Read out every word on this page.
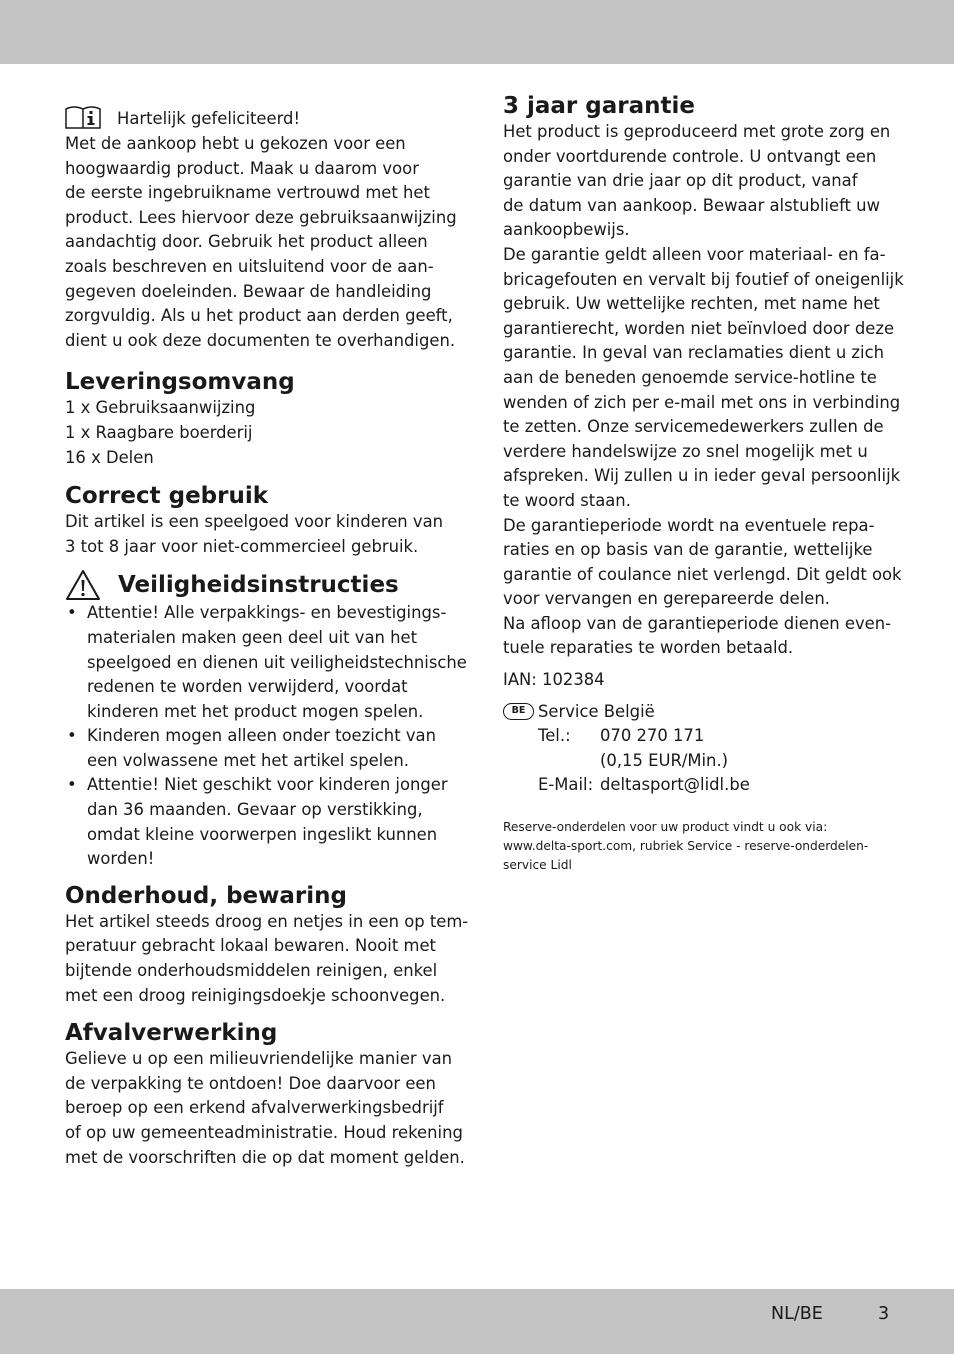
Hartelijk gefeliciteerd!

Met de aankoop hebt u gekozen voor een

hoogwaardig product. Maak u daarom voor

de eerste ingebruikname vertrouwd met het

product. Lees hiervoor deze gebruiksaanwijzing

aandachtig door. Gebruik het product alleen

zoals beschreven en uitsluitend voor de aan-

gegeven doeleinden. Bewaar de handleiding

zorgvuldig. Als u het product aan derden geeft,

dient u ook deze documenten te overhandigen.

Leveringsomvang

1 x Gebruiksaanwijzing

1 x Raagbare boerderij

16 x Delen

Correct gebruik

Dit artikel is een speelgoed voor kinderen van

3 tot 8 jaar voor niet-commercieel gebruik.

Veiligheidsinstructies
• Attentie! Alle verpakkings- en bevestigings-

materialen maken geen deel uit van het

speelgoed en dienen uit veiligheidstechnische

redenen te worden verwijderd, voordat

kinderen met het product mogen spelen.

• Kinderen mogen alleen onder toezicht van

een volwassene met het artikel spelen.

• Attentie! Niet geschikt voor kinderen jonger

dan 36 maanden. Gevaar op verstikking,

omdat kleine voorwerpen ingeslikt kunnen

worden!

Onderhoud, bewaring

Het artikel steeds droog en netjes in een op tem-

peratuur gebracht lokaal bewaren. Nooit met

bijtende onderhoudsmiddelen reinigen, enkel

met een droog reinigingsdoekje schoonvegen.

Afvalverwerking

Gelieve u op een milieuvriendelijke manier van

de verpakking te ontdoen! Doe daarvoor een

beroep op een erkend afvalverwerkingsbedrijf

of op uw gemeenteadministratie. Houd rekening

met de voorschriften die op dat moment gelden.

3 jaar garantie

Het product is geproduceerd met grote zorg en

onder voortdurende controle. U ontvangt een

garantie van drie jaar op dit product, vanaf

de datum van aankoop. Bewaar alstublieft uw

aankoopbewijs.

De garantie geldt alleen voor materiaal- en fa-

bricagefouten en vervalt bij foutief of oneigenlijk

gebruik. Uw wettelijke rechten, met name het

garantierecht, worden niet beïnvloed door deze

garantie. In geval van reclamaties dient u zich

aan de beneden genoemde service-hotline te

wenden of zich per e-mail met ons in verbinding

te zetten. Onze servicemedewerkers zullen de

verdere handelswijze zo snel mogelijk met u

afspreken. Wij zullen u in ieder geval persoonlijk

te woord staan.

De garantieperiode wordt na eventuele repa-

raties en op basis van de garantie, wettelijke

garantie of coulance niet verlengd. Dit geldt ook

voor vervangen en gerepareerde delen.

Na afloop van de garantieperiode dienen even-

tuele reparaties te worden betaald.

IAN: 102384

BE Service België
Tel.:	070 270 171
(0,15 EUR/Min.)
E-Mail: deltasport@lidl.be

Reserve-onderdelen voor uw product vindt u ook via:

www.delta-sport.com, rubriek Service - reserve-onderdelen-

service Lidl

NL/BE	3
